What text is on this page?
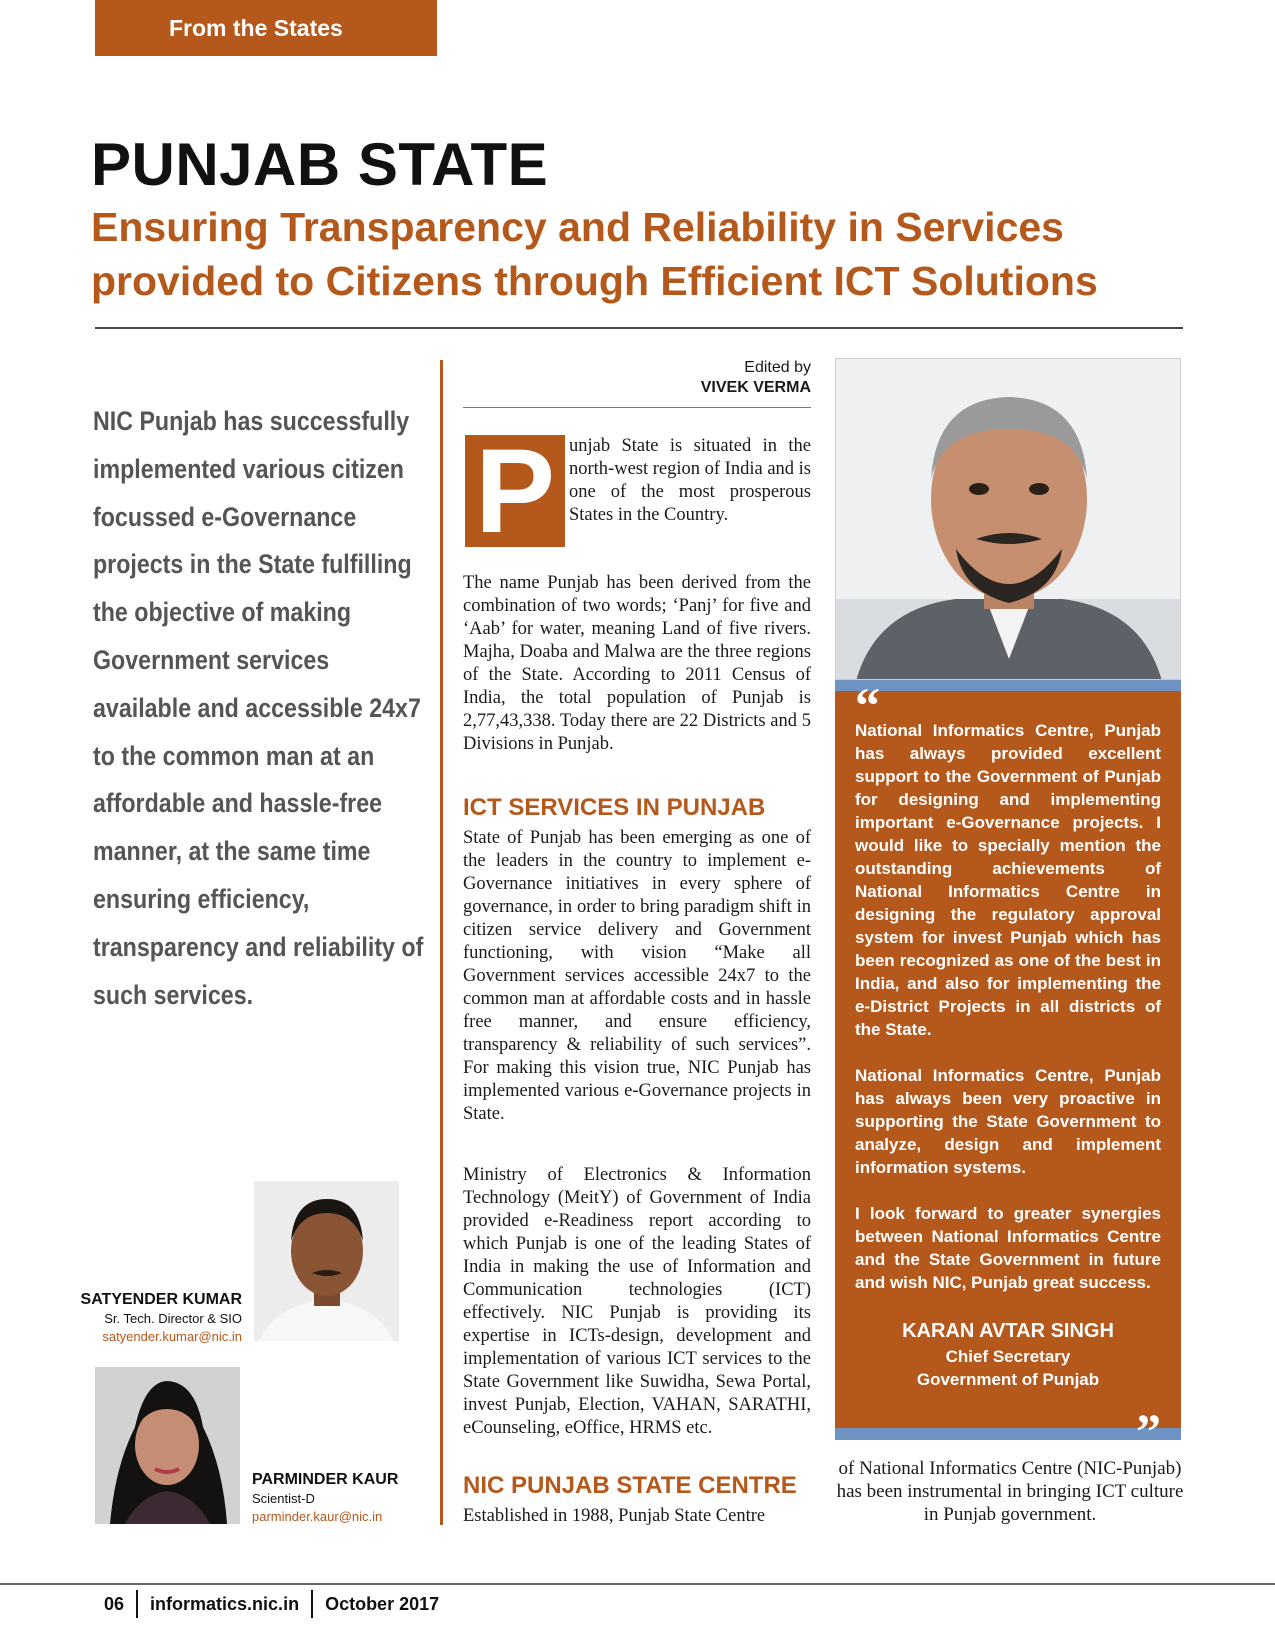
From the States
PUNJAB STATE
Ensuring Transparency and Reliability in Services provided to Citizens through Efficient ICT Solutions
NIC Punjab has successfully implemented various citizen focussed e-Governance projects in the State fulfilling the objective of making Government services available and accessible 24x7 to the common man at an affordable and hassle-free manner, at the same time ensuring efficiency, transparency and reliability of such services.
Edited by
VIVEK VERMA
P unjab State is situated in the north-west region of India and is one of the most prosperous States in the Country.
The name Punjab has been derived from the combination of two words; ‘Panj’ for five and ‘Aab’ for water, meaning Land of five rivers. Majha, Doaba and Malwa are the three regions of the State. According to 2011 Census of India, the total population of Punjab is 2,77,43,338. Today there are 22 Districts and 5 Divisions in Punjab.
ICT SERVICES IN PUNJAB
State of Punjab has been emerging as one of the leaders in the country to implement e-Governance initiatives in every sphere of governance, in order to bring paradigm shift in citizen service delivery and Government functioning, with vision “Make all Government services accessible 24x7 to the common man at affordable costs and in hassle free manner, and ensure efficiency, transparency & reliability of such services”. For making this vision true, NIC Punjab has implemented various e-Governance projects in State.
Ministry of Electronics & Information Technology (MeitY) of Government of India provided e-Readiness report according to which Punjab is one of the leading States of India in making the use of Information and Communication technologies (ICT) effectively. NIC Punjab is providing its expertise in ICTs-design, development and implementation of various ICT services to the State Government like Suwidha, Sewa Portal, invest Punjab, Election, VAHAN, SARATHI, eCounseling, eOffice, HRMS etc.
NIC PUNJAB STATE CENTRE
Established in 1988, Punjab State Centre

National Informatics Centre, Punjab has always provided excellent support to the Government of Punjab for designing and implementing important e-Governance projects. I would like to specially mention the outstanding achievements of National Informatics Centre in designing the regulatory approval system for invest Punjab which has been recognized as one of the best in India, and also for implementing the e-District Projects in all districts of the State.

National Informatics Centre, Punjab has always been very proactive in supporting the State Government to analyze, design and implement information systems.

I look forward to greater synergies between National Informatics Centre and the State Government in future and wish NIC, Punjab great success.

KARAN AVTAR SINGH
Chief Secretary
Government of Punjab
“
”
of National Informatics Centre (NIC-Punjab) has been instrumental in bringing ICT culture in Punjab government.
SATYENDER KUMAR
Sr. Tech. Director & SIO
satyender.kumar@nic.in
PARMINDER KAUR
Scientist-D
parminder.kaur@nic.in
06 informatics.nic.in October 2017
